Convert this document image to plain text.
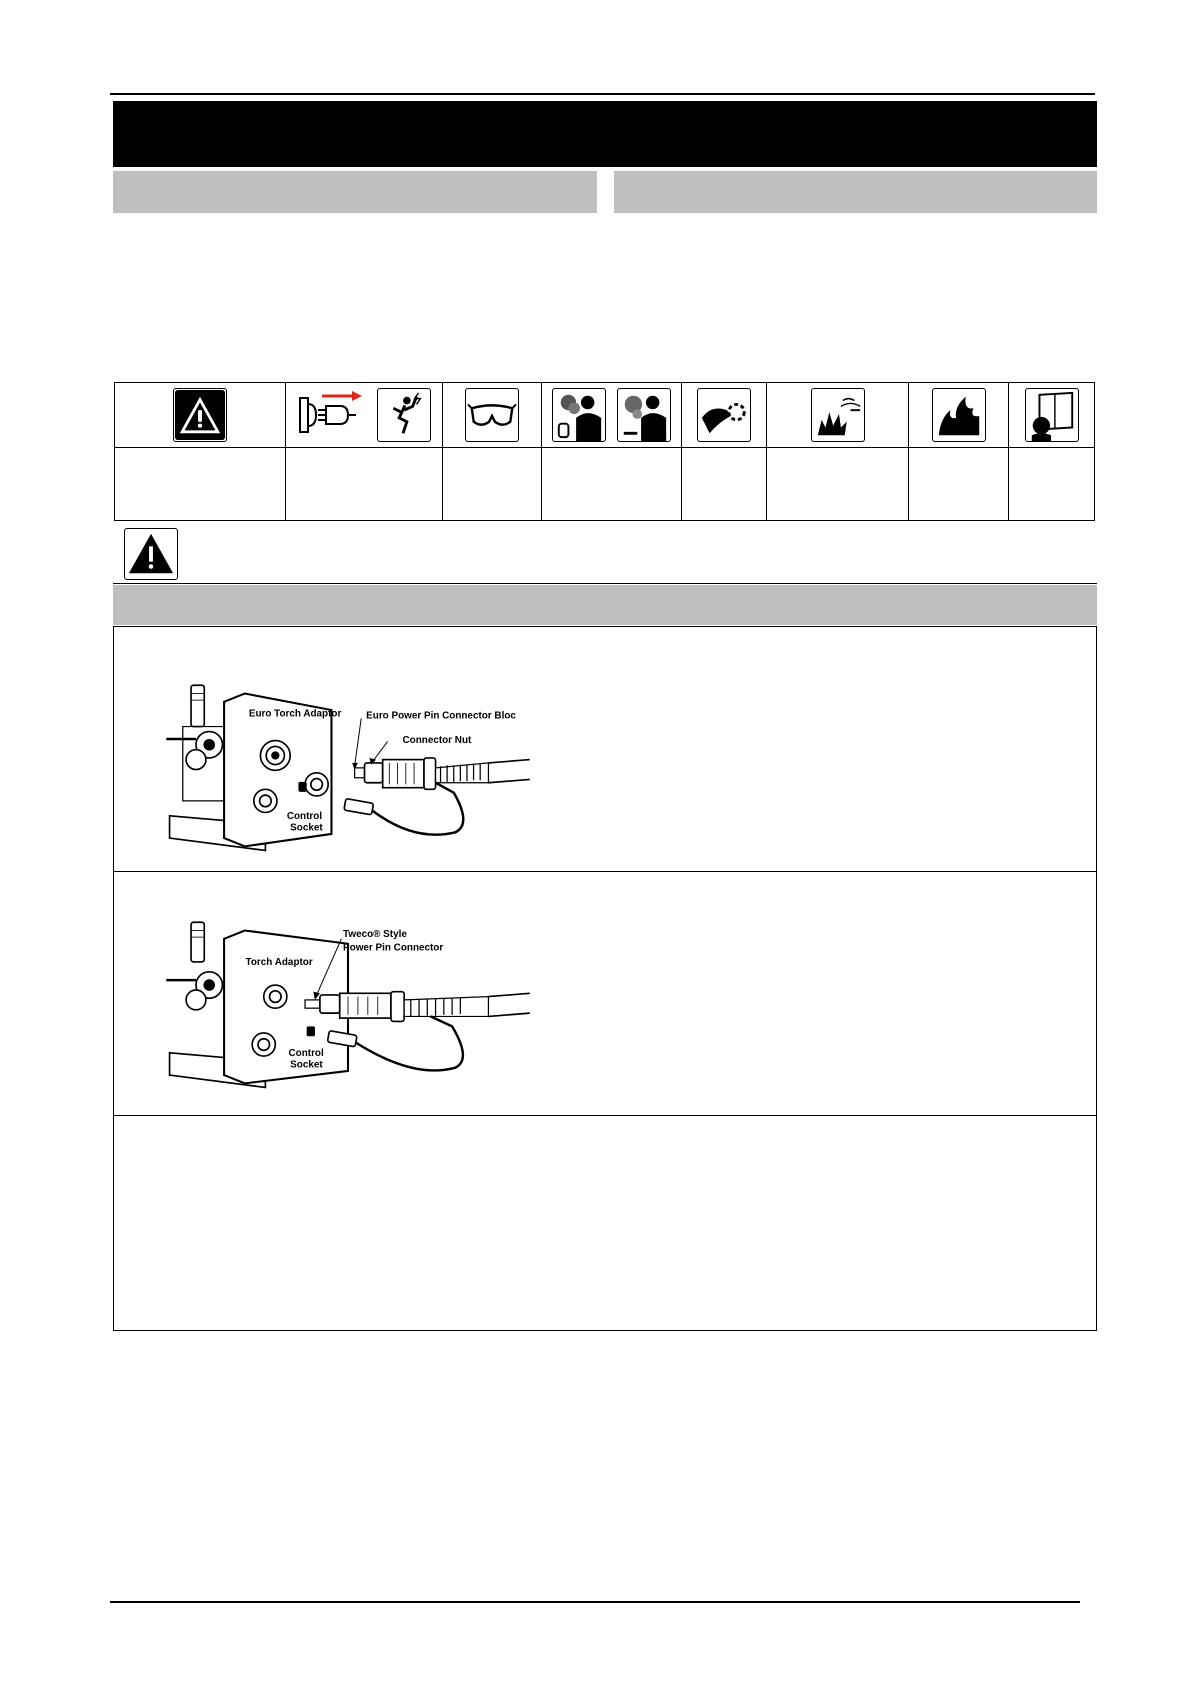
Euro Torch Adaptor Euro Power Pin Connector Bloc
Connector Nut
Control
Socket
Tweco® Style
Power Pin Connector
Torch Adaptor
Control
Socket
